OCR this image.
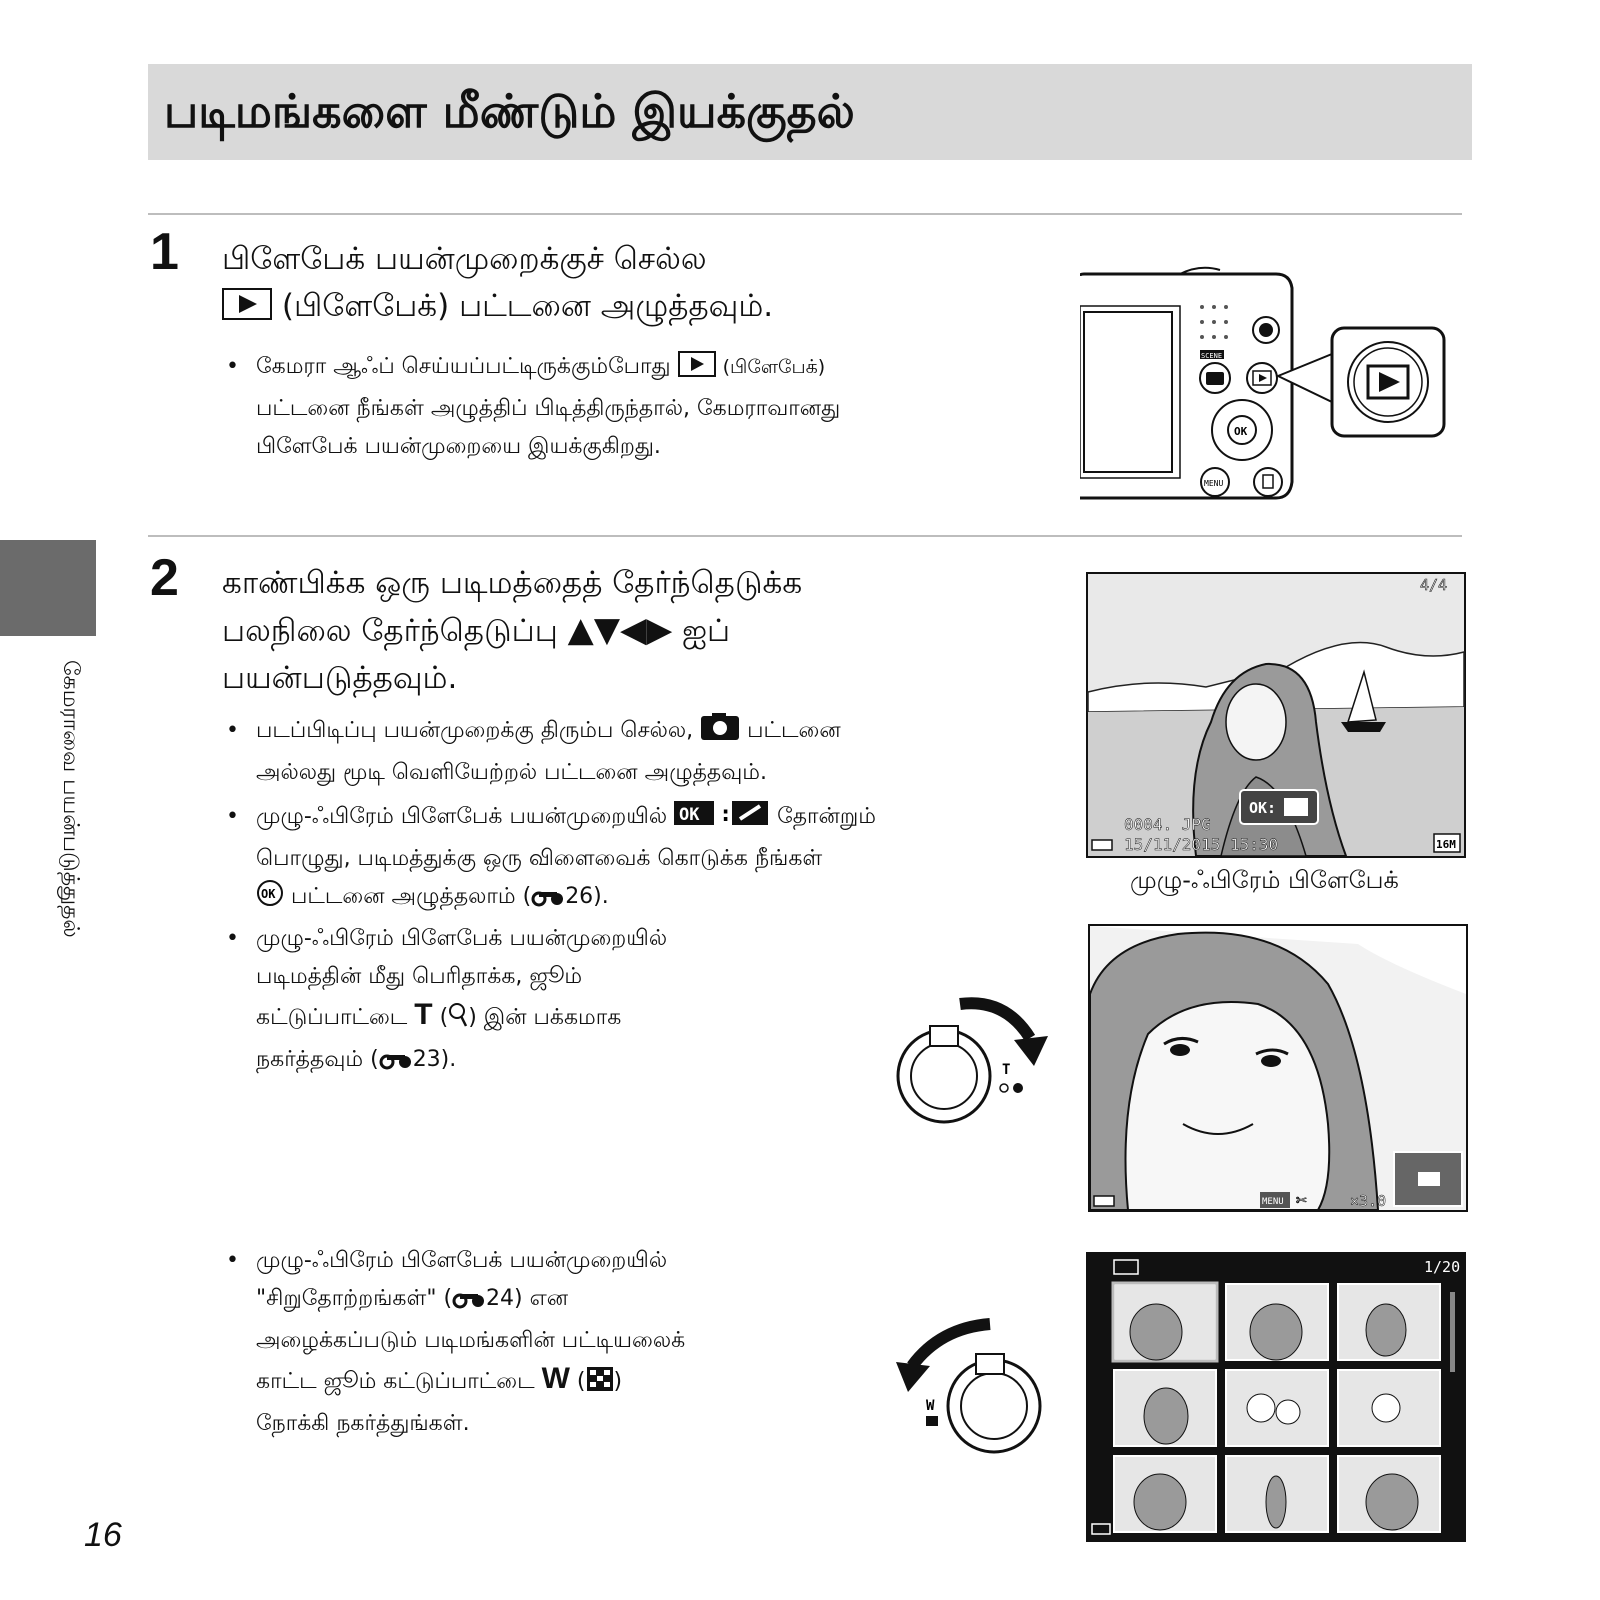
படிமங்களை மீண்டும் இயக்குதல்
கேமராவை பயன்படுத்துதல்
1 பிளேபேக் பயன்முறைக்குச் செல்ல
(பிளேபேக்) பட்டனை அழுத்தவும்.
• கேமரா ஆஃப் செய்யப்பட்டிருக்கும்போது	(பிளேபேக்)
பட்டனை நீங்கள் அழுத்திப் பிடித்திருந்தால், கேமராவானது
பிளேபேக் பயன்முறையை இயக்குகிறது.
SCENE
OK
MENU
2 காண்பிக்க ஒரு படிமத்தைத் தேர்ந்தெடுக்க
பலநிலை தேர்ந்தெடுப்பு ▲▼◀▶ ஐப்
பயன்படுத்தவும்.
• படப்பிடிப்பு பயன்முறைக்கு திரும்ப செல்ல, பட்டனை
அல்லது மூடி வெளியேற்றல் பட்டனை அழுத்தவும்.
• முழு-ஃபிரேம் பிளேபேக் பயன்முறையில் OK : தோன்றும்
பொழுது, படிமத்துக்கு ஒரு விளைவைக் கொடுக்க நீங்கள்
OK பட்டனை அழுத்தலாம் ( 26).
• முழு-ஃபிரேம் பிளேபேக் பயன்முறையில்
படிமத்தின் மீது பெரிதாக்க, ஜூம்
கட்டுப்பாட்டை T ( ) இன் பக்கமாக
நகர்த்தவும் ( 23).
• முழு-ஃபிரேம் பிளேபேக் பயன்முறையில்
"சிறுதோற்றங்கள்" ( 24) என
அழைக்கப்படும் படிமங்களின் பட்டியலைக்
காட்ட ஜூம் கட்டுப்பாட்டை W ( )
நோக்கி நகர்த்துங்கள்.
4/4
OK:
0004. JPG
15/11/2015 15:30	16M
முழு-ஃபிரேம் பிளேபேக்
MENU ✂	×3.0
1/20
T
W
16
